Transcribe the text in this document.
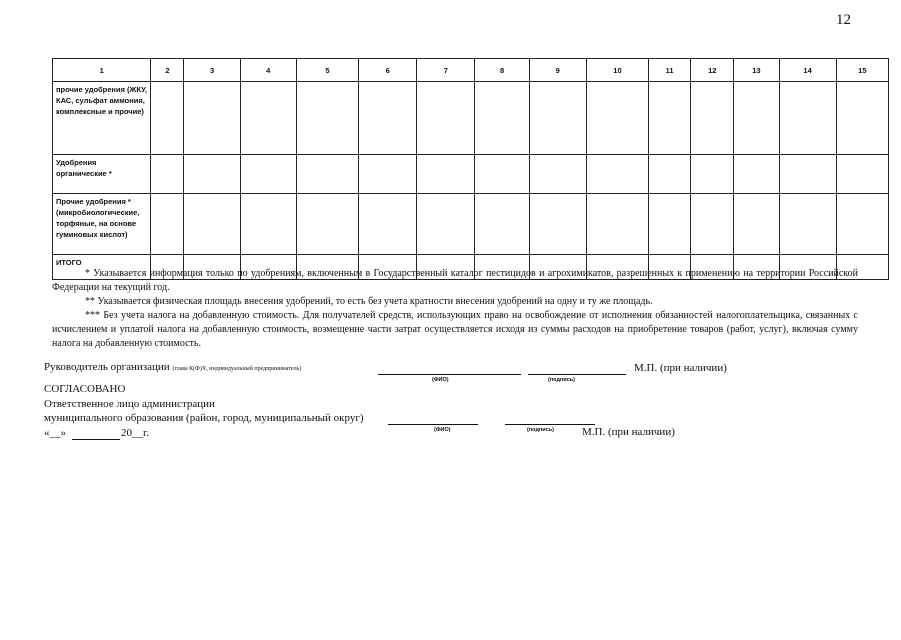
12
1	2	3	4	5	6	7	8	9	10	11	12	13	14	15
прочие удобрения (ЖКУ, КАС, сульфат аммония, комплексные и прочие)														
Удобрения органические *														
Прочие удобрения * (микробиологические, торфяные, на основе гуминовых кислот)														
ИТОГО														

* Указывается информация только по удобрениям, включенным в Государственный каталог пестицидов и агрохимикатов, разрешенных к применению на территории Российской Федерации на текущий год.

** Указывается физическая площадь внесения удобрений, то есть без учета кратности внесения удобрений на одну и ту же площадь.

*** Без учета налога на добавленную стоимость. Для получателей средств, использующих право на освобождение от исполнения обязанностей налогоплательщика, связанных с исчислением и уплатой налога на добавленную стоимость, возмещение части затрат осуществляется исходя из суммы расходов на приобретение товаров (работ, услуг), включая сумму налога на добавленную стоимость.

Руководитель организации (глава К(Ф)Х, индивидуальный предприниматель)
(ФИО)	(подпись)
М.П. (при наличии)
СОГЛАСОВАНО
Ответственное лицо администрации
муниципального образования (район, город, муниципальный округ)
(ФИО)	(подпись)	М.П. (при наличии)
«__»	20__г.
